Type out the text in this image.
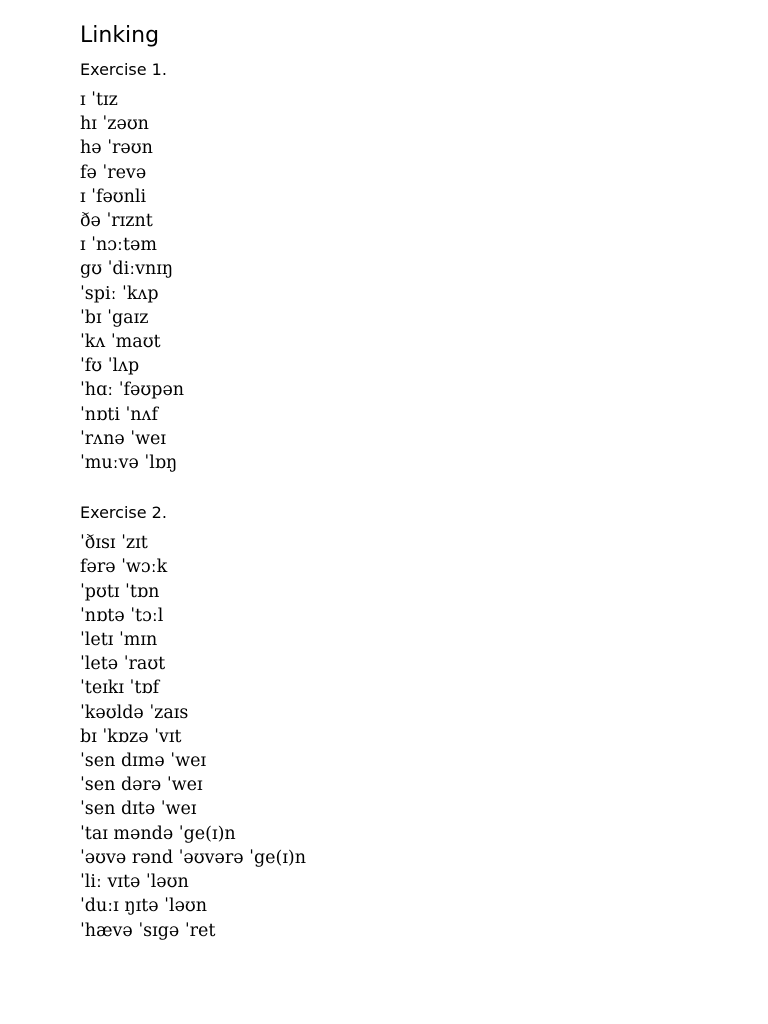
Linking
Exercise 1.
ɪ ˈtɪz
hɪ ˈzəʊn
hə ˈrəʊn
fə ˈrevə
ɪ ˈfəʊnli
ðə ˈrɪznt
ɪ ˈnɔːtəm
gʊ ˈdiːvnɪŋ
ˈspiː ˈkʌp
ˈbɪ ˈgaɪz
ˈkʌ ˈmaʊt
ˈfʊ ˈlʌp
ˈhɑː ˈfəʊpən
ˈnɒti ˈnʌf
ˈrʌnə ˈweɪ
ˈmuːvə ˈlɒŋ
Exercise 2.
ˈðɪsɪ ˈzɪt
fərə ˈwɔːk
ˈpʊtɪ ˈtɒn
ˈnɒtə ˈtɔːl
ˈletɪ ˈmɪn
ˈletə ˈraʊt
ˈteɪkɪ ˈtɒf
ˈkəʊldə ˈzaɪs
bɪ ˈkɒzə ˈvɪt
ˈsen dɪmə ˈweɪ
ˈsen dərə ˈweɪ
ˈsen dɪtə ˈweɪ
ˈtaɪ məndə ˈge(ɪ)n
ˈəʊvə rənd ˈəʊvərə ˈge(ɪ)n
ˈliː vɪtə ˈləʊn
ˈduːɪ ŋɪtə ˈləʊn
ˈhævə ˈsɪgə ˈret
